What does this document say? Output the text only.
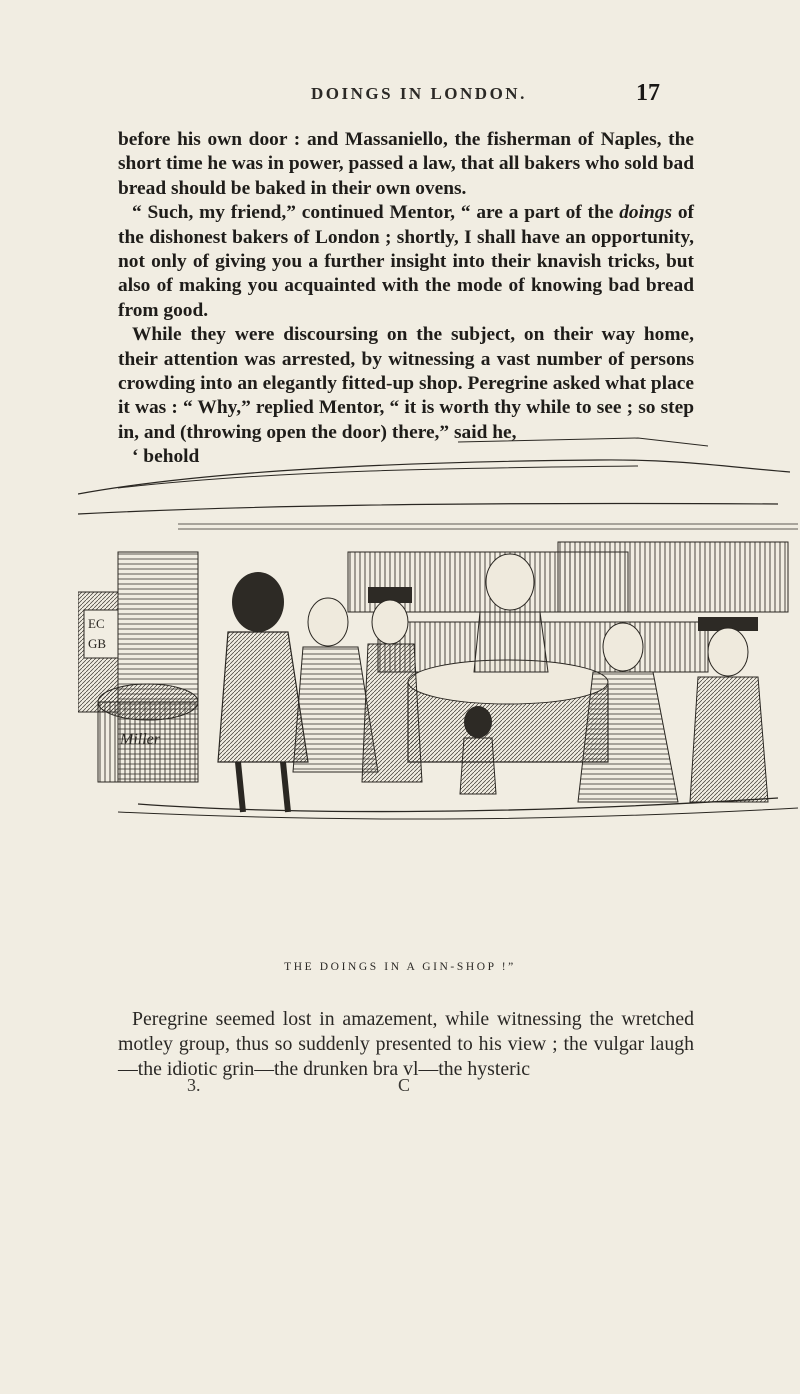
DOINGS IN LONDON.	17

before his own door : and Massaniello, the fisherman of Naples, the short time he was in power, passed a law, that all bakers who sold bad bread should be baked in their own ovens.

“ Such, my friend,” continued Mentor, “ are a part of the doings of the dishonest bakers of London ; shortly, I shall have an opportunity, not only of giving you a further insight into their knavish tricks, but also of making you acquainted with the mode of knowing bad bread from good.

While they were discoursing on the subject, on their way home, their attention was arrested, by witnessing a vast number of persons crowding into an elegantly fitted-up shop. Peregrine asked what place it was : “ Why,” replied Mentor, “ it is worth thy while to see ; so step in, and (throwing open the door) there,” said he,

‘ behold

EC
GB
Miller
THE DOINGS IN A GIN-SHOP !”

Peregrine seemed lost in amazement, while witnessing the wretched motley group, thus so suddenly presented to his view ; the vulgar laugh—the idiotic grin—the drunken bra vl—the hysteric

3.	C
